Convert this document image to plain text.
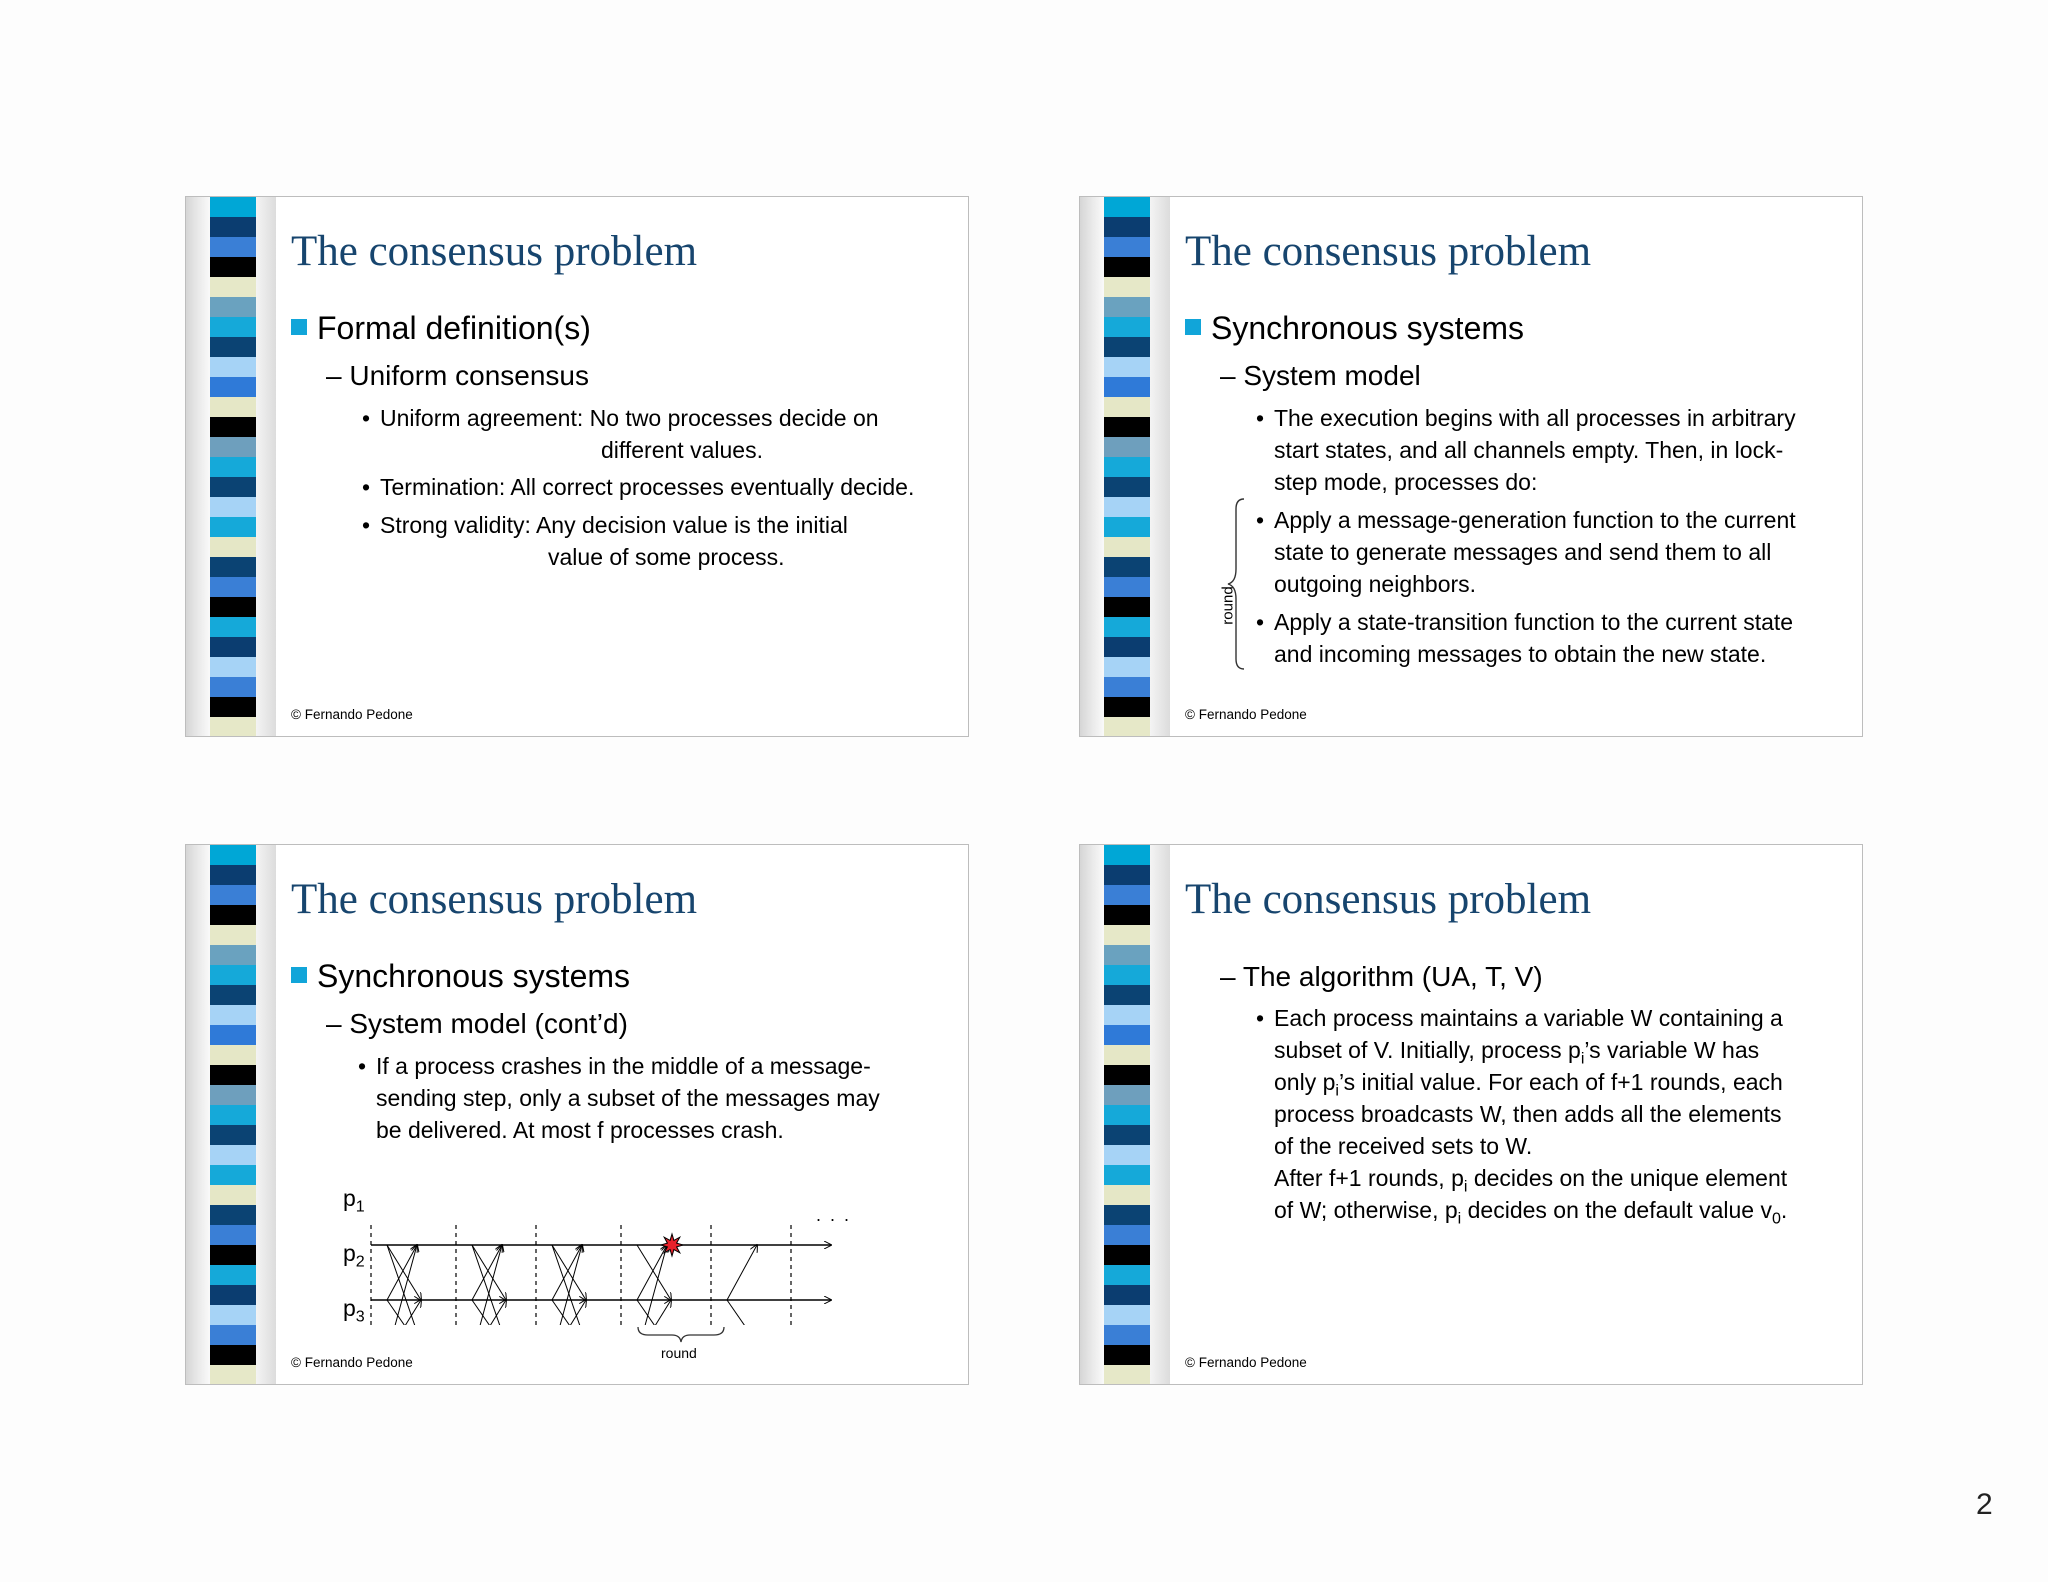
The consensus problem
Formal definition(s)
– Uniform consensus
• Uniform agreement: No two processes decide on
different values.
• Termination: All correct processes eventually decide.
• Strong validity: Any decision value is the initial
value of some process.
© Fernando Pedone
The consensus problem
Synchronous systems
– System model
• The execution begins with all processes in arbitrary
start states, and all channels empty. Then, in lock-
step mode, processes do:
• Apply a message-generation function to the current
state to generate messages and send them to all
outgoing neighbors.
• Apply a state-transition function to the current state
and incoming messages to obtain the new state.
round
© Fernando Pedone
The consensus problem
Synchronous systems
– System model (cont’d)
• If a process crashes in the middle of a message-
sending step, only a subset of the messages may
be delivered. At most f processes crash.
$p_1$
$p_2$
$p_3$
. . .
round
© Fernando Pedone
The consensus problem
– The algorithm (UA, T, V)
• Each process maintains a variable W containing a
subset of V. Initially, process $p_i’s$ variable W has
only $p_i’s$ initial value. For each of f+1 rounds, each
process broadcasts W, then adds all the elements
of the received sets to W.
After f+1 rounds, $p_i$ decides on the unique element
of W; otherwise, $p_i$ decides on the default value $v_0$.
© Fernando Pedone
2
